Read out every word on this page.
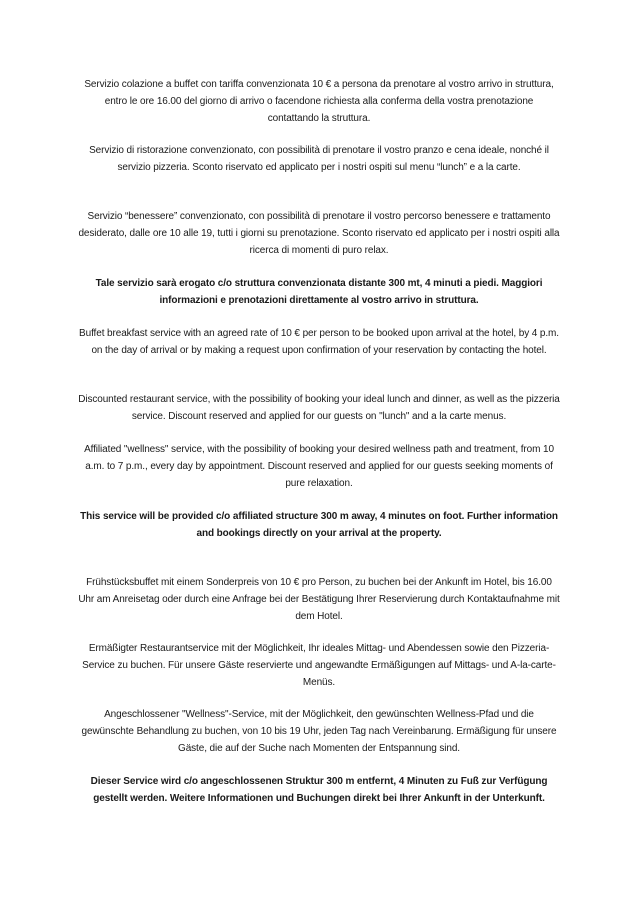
Servizio colazione a buffet con tariffa convenzionata 10 € a persona da prenotare al vostro arrivo in struttura, entro le ore 16.00 del giorno di arrivo o facendone richiesta alla conferma della vostra prenotazione contattando la struttura.

Servizio di ristorazione convenzionato, con possibilità di prenotare il vostro pranzo e cena ideale, nonché il servizio pizzeria. Sconto riservato ed applicato per i nostri ospiti sul menu “lunch” e a la carte.

Servizio “benessere” convenzionato, con possibilità di prenotare il vostro percorso benessere e trattamento desiderato, dalle ore 10 alle 19, tutti i giorni su prenotazione. Sconto riservato ed applicato per i nostri ospiti alla ricerca di momenti di puro relax.

Tale servizio sarà erogato c/o struttura convenzionata distante 300 mt, 4 minuti a piedi. Maggiori informazioni e prenotazioni direttamente al vostro arrivo in struttura.

Buffet breakfast service with an agreed rate of 10 € per person to be booked upon arrival at the hotel, by 4 p.m. on the day of arrival or by making a request upon confirmation of your reservation by contacting the hotel.

Discounted restaurant service, with the possibility of booking your ideal lunch and dinner, as well as the pizzeria service. Discount reserved and applied for our guests on "lunch" and a la carte menus.

Affiliated "wellness" service, with the possibility of booking your desired wellness path and treatment, from 10 a.m. to 7 p.m., every day by appointment. Discount reserved and applied for our guests seeking moments of pure relaxation.

This service will be provided c/o affiliated structure 300 m away, 4 minutes on foot. Further information and bookings directly on your arrival at the property.

Frühstücksbuffet mit einem Sonderpreis von 10 € pro Person, zu buchen bei der Ankunft im Hotel, bis 16.00 Uhr am Anreisetag oder durch eine Anfrage bei der Bestätigung Ihrer Reservierung durch Kontaktaufnahme mit dem Hotel.

Ermäßigter Restaurantservice mit der Möglichkeit, Ihr ideales Mittag- und Abendessen sowie den Pizzeria-Service zu buchen. Für unsere Gäste reservierte und angewandte Ermäßigungen auf Mittags- und A-la-carte-Menüs.

Angeschlossener "Wellness"-Service, mit der Möglichkeit, den gewünschten Wellness-Pfad und die gewünschte Behandlung zu buchen, von 10 bis 19 Uhr, jeden Tag nach Vereinbarung. Ermäßigung für unsere Gäste, die auf der Suche nach Momenten der Entspannung sind.

Dieser Service wird c/o angeschlossenen Struktur 300 m entfernt, 4 Minuten zu Fuß zur Verfügung gestellt werden. Weitere Informationen und Buchungen direkt bei Ihrer Ankunft in der Unterkunft.
